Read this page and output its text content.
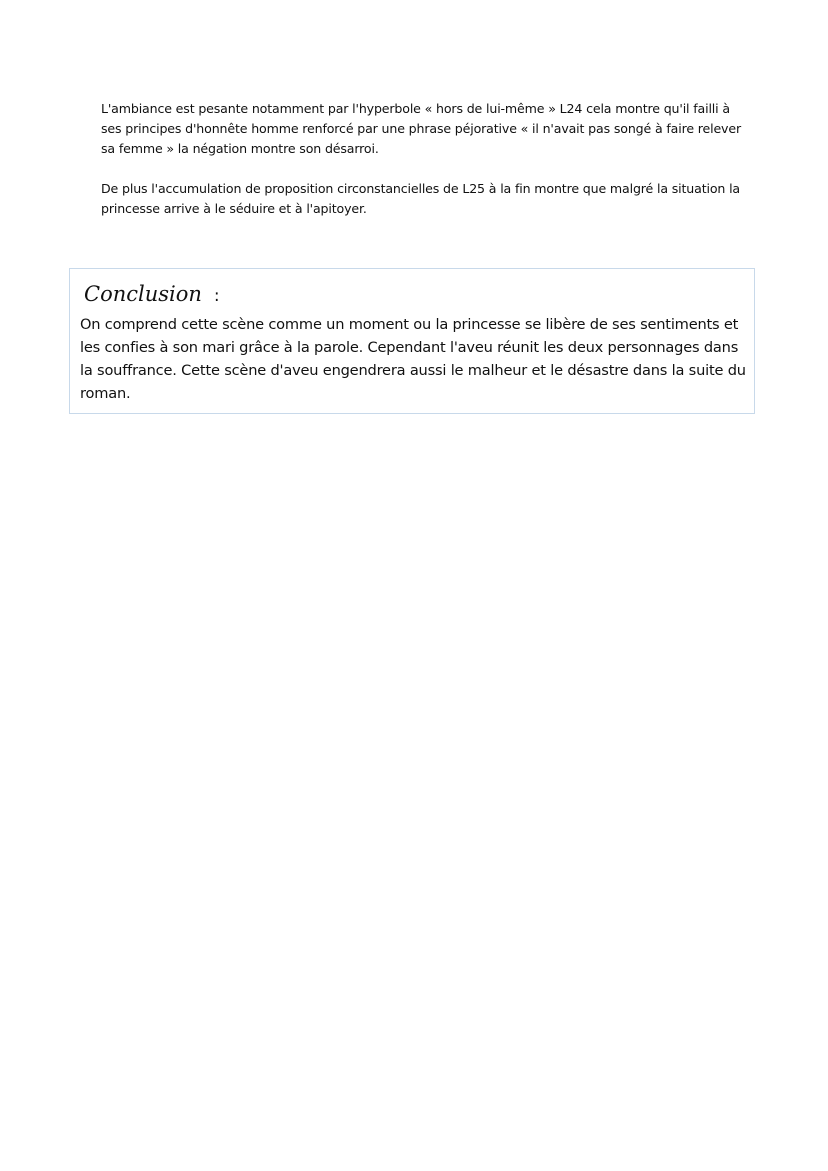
L'ambiance est pesante notamment par l'hyperbole « hors de lui-même » L24 cela montre qu'il failli à ses principes d'honnête homme renforcé par une phrase péjorative « il n'avait pas songé à faire relever sa femme » la négation montre son désarroi.

De plus l'accumulation de proposition circonstancielles de L25 à la fin montre que malgré la situation la princesse arrive à le séduire et à l'apitoyer.

Conclusion :

On comprend cette scène comme un moment ou la princesse se libère de ses sentiments et les confies à son mari grâce à la parole. Cependant l'aveu réunit les deux personnages dans la souffrance. Cette scène d'aveu engendrera aussi le malheur et le désastre dans la suite du roman.
